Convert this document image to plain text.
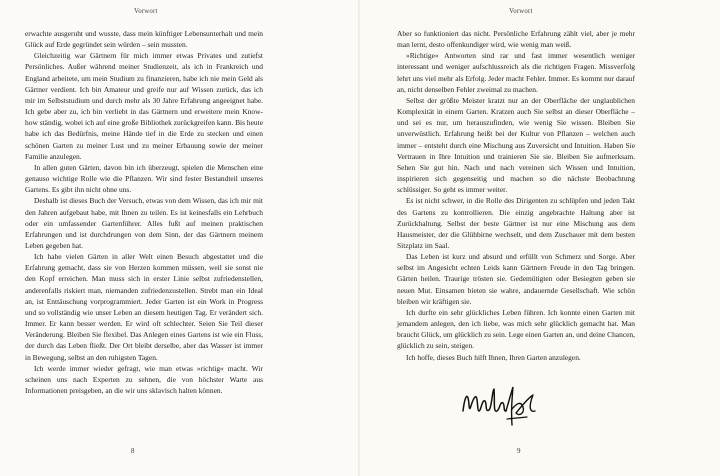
Vorwort

erwachte ausgeruht und wusste, dass mein künftiger Lebensunterhalt und mein Glück auf Erde gegründet sein würden – sein mussten.

Gleichzeitig war Gärtnern für mich immer etwas Privates und zutiefst Persönliches. Außer während meiner Studienzeit, als ich in Frankreich und England arbeitete, um mein Studium zu finanzieren, habe ich nie mein Geld als Gärtner verdient. Ich bin Amateur und greife nur auf Wissen zurück, das ich mir im Selbststudium und durch mehr als 30 Jahre Erfahrung angeeignet habe. Ich gebe aber zu, ich bin verliebt in das Gärtnern und erweitere mein Know-how ständig, wobei ich auf eine große Bibliothek zurückgreifen kann. Bis heute habe ich das Bedürfnis, meine Hände tief in die Erde zu stecken und einen schönen Garten zu meiner Lust und zu meiner Erbauung sowie der meiner Familie anzulegen.

In allen guten Gärten, davon bin ich überzeugt, spielen die Menschen eine genauso wichtige Rolle wie die Pflanzen. Wir sind fester Bestandteil unseres Gartens. Es gibt ihn nicht ohne uns.

Deshalb ist dieses Buch der Versuch, etwas von dem Wissen, das ich mir mit den Jahren aufgebaut habe, mit Ihnen zu teilen. Es ist keinesfalls ein Lehrbuch oder ein umfassender Gartenführer. Alles fußt auf meinen praktischen Erfahrungen und ist durchdrungen von dem Sinn, der das Gärtnern meinem Leben gegeben hat.

Ich habe vielen Gärten in aller Welt einen Besuch abgestattet und die Erfahrung gemacht, dass sie von Herzen kommen müssen, weil sie sonst nie den Kopf erreichen. Man muss sich in erster Linie selbst zufriedenstellen, anderenfalls riskiert man, niemanden zufriedenzustellen. Strebt man ein Ideal an, ist Enttäuschung vorprogrammiert. Jeder Garten ist ein Work in Progress und so vollständig wie unser Leben an diesem heutigen Tag. Er verändert sich. Immer. Er kann besser werden. Er wird oft schlechter. Seien Sie Teil dieser Veränderung. Bleiben Sie flexibel. Das Anlegen eines Gartens ist wie ein Fluss, der durch das Leben fließt. Der Ort bleibt derselbe, aber das Wasser ist immer in Bewegung, selbst an den ruhigsten Tagen.

Ich werde immer wieder gefragt, wie man etwas »richtig« macht. Wir scheinen uns nach Experten zu sehnen, die von höchster Warte aus Informationen preisgeben, an die wir uns sklavisch halten können.

8
Vorwort

Aber so funktioniert das nicht. Persönliche Erfahrung zählt viel, aber je mehr man lernt, desto offenkundiger wird, wie wenig man weiß.

»Richtige« Antworten sind rar und fast immer wesentlich weniger interessant und weniger aufschlussreich als die richtigen Fragen. Missverfolg lehrt uns viel mehr als Erfolg. Jeder macht Fehler. Immer. Es kommt nur darauf an, nicht denselben Fehler zweimal zu machen.

Selbst der größte Meister kratzt nur an der Oberfläche der unglaublichen Komplexität in einem Garten. Kratzen auch Sie selbst an dieser Oberfläche – und sei es nur, um herauszufinden, wie wenig Sie wissen. Bleiben Sie unverwüstlich. Erfahrung heißt bei der Kultur von Pflanzen – welchen auch immer – entsteht durch eine Mischung aus Zuversicht und Intuition. Haben Sie Vertrauen in Ihre Intuition und trainieren Sie sie. Bleiben Sie aufmerksam. Sehen Sie gut hin. Nach und nach vereinen sich Wissen und Intuition, inspirieren sich gegenseitig und machen so die nächste Beobachtung schlüssiger. So geht es immer weiter.

Es ist nicht schwer, in die Rolle des Dirigenten zu schlüpfen und jeden Takt des Gartens zu kontrollieren. Die einzig angebrachte Haltung aber ist Zurückhaltung. Selbst der beste Gärtner ist nur eine Mischung aus dem Hausmeister, der die Glühbirne wechselt, und dem Zuschauer mit dem besten Sitzplatz im Saal.

Das Leben ist kurz und absurd und erfüllt von Schmerz und Sorge. Aber selbst im Angesicht echten Leids kann Gärtnern Freude in den Tag bringen. Gärten heilen. Traurige trösten sie. Gedemütigten oder Besiegten geben sie neuen Mut. Einsamen bieten sie wahre, andauernde Gesellschaft. Wie schön bleiben wir kräftigen sie.

Ich durfte ein sehr glückliches Leben führen. Ich konnte einen Garten mit jemandem anlegen, den ich liebe, was mich sehr glücklich gemacht hat. Man braucht Glück, um glücklich zu sein. Lege einen Garten an, und deine Chancen, glücklich zu sein, steigen.

Ich hoffe, dieses Buch hilft Ihnen, Ihren Garten anzulegen.

9
